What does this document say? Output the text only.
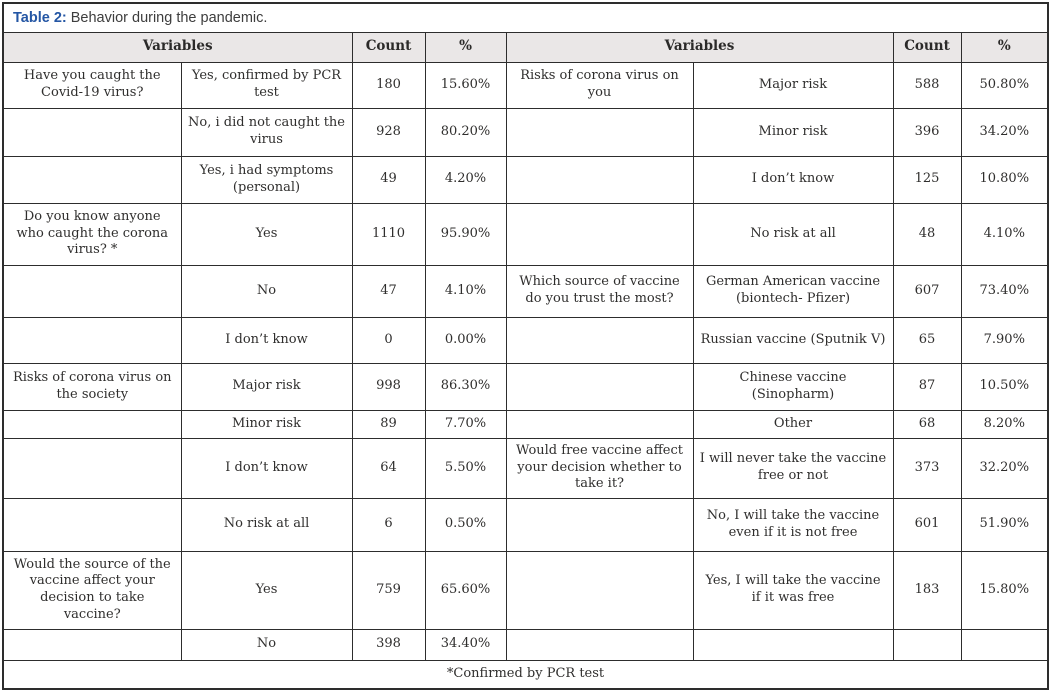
Table 2: Behavior during the pandemic.							
Variables		Count	%	Variables		Count	%
Have you caught the Covid-19 virus?	Yes, confirmed by PCR test	180	15.60%	Risks of corona virus on you	Major risk	588	50.80%
	No, i did not caught the virus	928	80.20%		Minor risk	396	34.20%
	Yes, i had symptoms (personal)	49	4.20%		I don’t know	125	10.80%
Do you know anyone who caught the corona virus? *	Yes	1110	95.90%		No risk at all	48	4.10%
	No	47	4.10%	Which source of vaccine do you trust the most?	German American vaccine (biontech- Pfizer)	607	73.40%
	I don’t know	0	0.00%		Russian vaccine (Sputnik V)	65	7.90%
Risks of corona virus on the society	Major risk	998	86.30%		Chinese vaccine (Sinopharm)	87	10.50%
	Minor risk	89	7.70%		Other	68	8.20%
	I don’t know	64	5.50%	Would free vaccine affect your decision whether to take it?	I will never take the vaccine free or not	373	32.20%
	No risk at all	6	0.50%		No, I will take the vaccine even if it is not free	601	51.90%
Would the source of the vaccine affect your decision to take vaccine?	Yes	759	65.60%		Yes, I will take the vaccine if it was free	183	15.80%
	No	398	34.40%				
*Confirmed by PCR test							
